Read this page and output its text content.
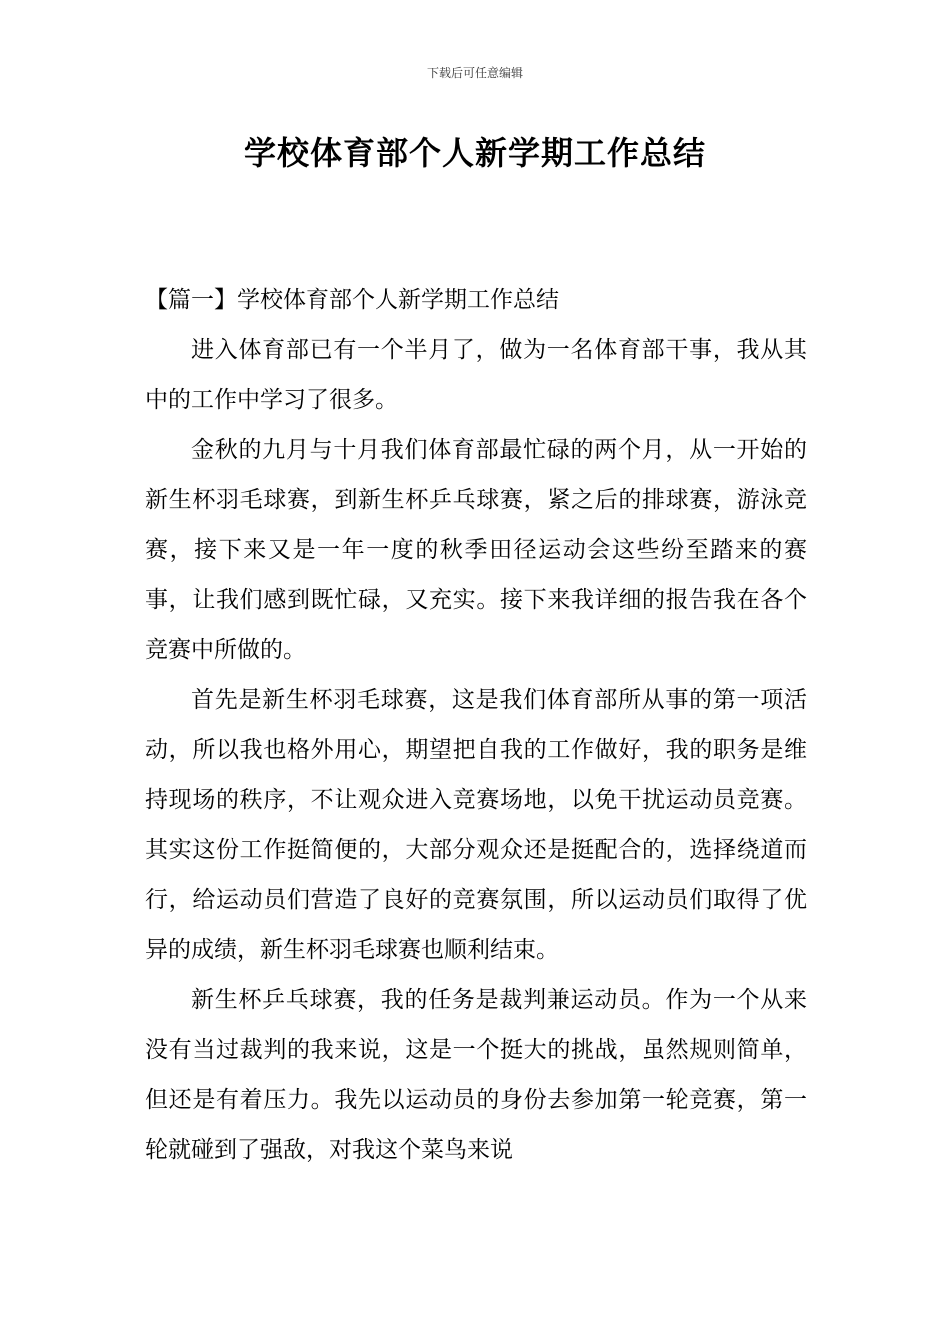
下载后可任意编辑
学校体育部个人新学期工作总结

【篇一】学校体育部个人新学期工作总结

进入体育部已有一个半月了，做为一名体育部干事，我从其中的工作中学习了很多。

金秋的九月与十月我们体育部最忙碌的两个月，从一开始的新生杯羽毛球赛，到新生杯乒乓球赛，紧之后的排球赛，游泳竞赛，接下来又是一年一度的秋季田径运动会这些纷至踏来的赛事，让我们感到既忙碌，又充实。接下来我详细的报告我在各个竞赛中所做的。

首先是新生杯羽毛球赛，这是我们体育部所从事的第一项活动，所以我也格外用心，期望把自我的工作做好，我的职务是维持现场的秩序，不让观众进入竞赛场地，以免干扰运动员竞赛。其实这份工作挺简便的，大部分观众还是挺配合的，选择绕道而行，给运动员们营造了良好的竞赛氛围，所以运动员们取得了优异的成绩，新生杯羽毛球赛也顺利结束。

新生杯乒乓球赛，我的任务是裁判兼运动员。作为一个从来没有当过裁判的我来说，这是一个挺大的挑战，虽然规则简单，但还是有着压力。我先以运动员的身份去参加第一轮竞赛，第一轮就碰到了强敌，对我这个菜鸟来说
